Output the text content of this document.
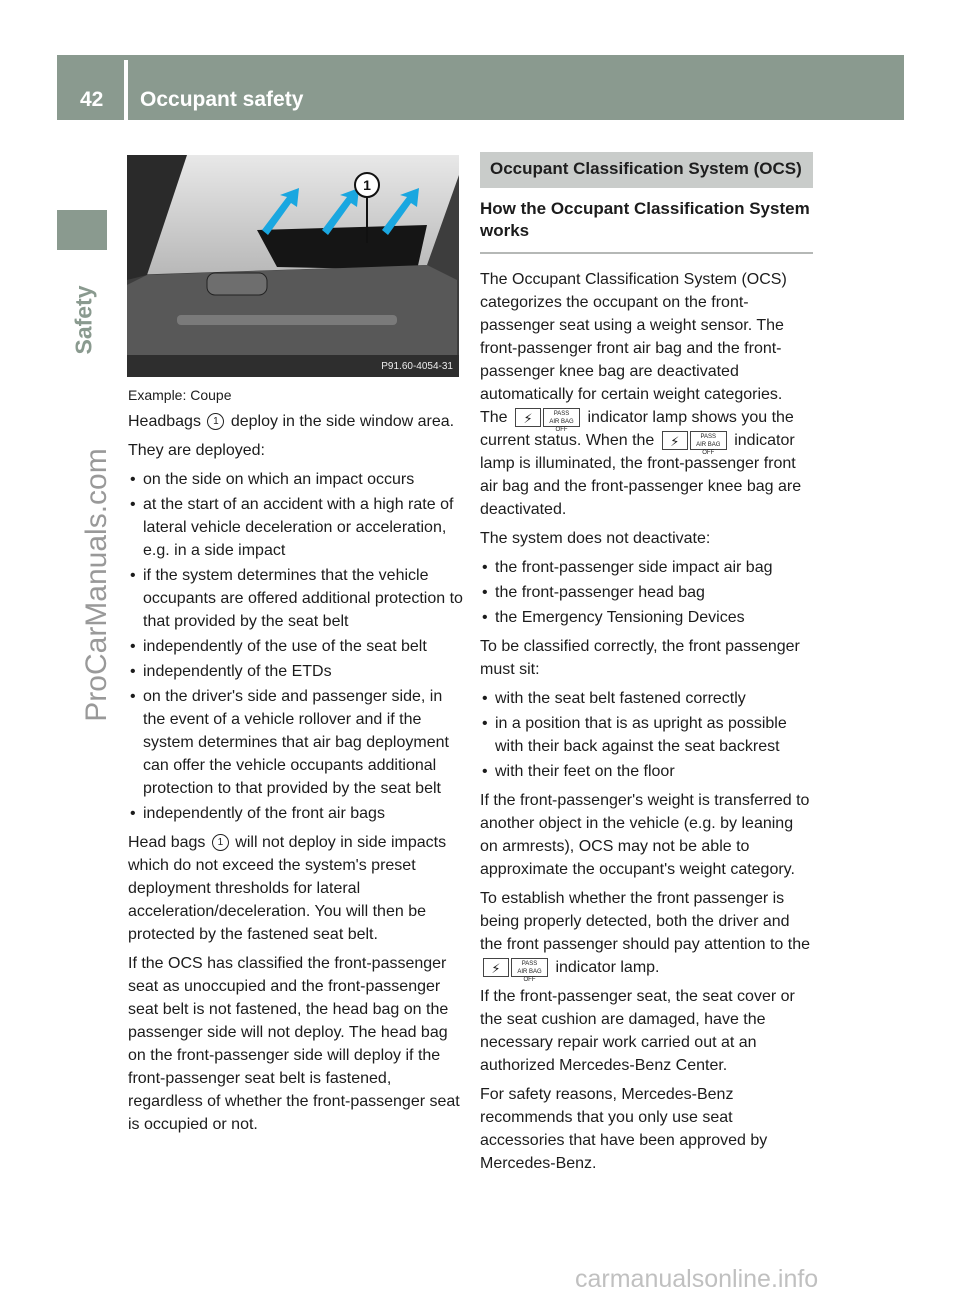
42 Occupant safety
Safety
ProCarManuals.com
1
P91.60-4054-31

Example: Coupe

Headbags 1 deploy in the side window area.

They are deployed:

• on the side on which an impact occurs
• at the start of an accident with a high rate of lateral vehicle deceleration or acceleration, e.g. in a side impact
• if the system determines that the vehicle occupants are offered additional protection to that provided by the seat belt
• independently of the use of the seat belt
• independently of the ETDs
• on the driver's side and passenger side, in the event of a vehicle rollover and if the system determines that air bag deployment can offer the vehicle occupants additional protection to that provided by the seat belt
• independently of the front air bags

Head bags 1 will not deploy in side impacts which do not exceed the system's preset deployment thresholds for lateral acceleration/deceleration. You will then be protected by the fastened seat belt.

If the OCS has classified the front-passenger seat as unoccupied and the front-passenger seat belt is not fastened, the head bag on the passenger side will not deploy. The head bag on the front-passenger side will deploy if the front-passenger seat belt is fastened, regardless of whether the front-passenger seat is occupied or not.

Occupant Classification System (OCS)
How the Occupant Classification System works

The Occupant Classification System (OCS) categorizes the occupant on the front-passenger seat using a weight sensor. The front-passenger front air bag and the front-passenger knee bag are deactivated automatically for certain weight categories. The	⚡	PASS
AIR BAG OFF
indicator lamp shows you the current status. When the	⚡	PASS
AIR BAG OFF
indicator lamp is illuminated, the front-passenger front air bag and the front-passenger knee bag are deactivated.

The system does not deactivate:

• the front-passenger side impact air bag
• the front-passenger head bag
• the Emergency Tensioning Devices

To be classified correctly, the front passenger must sit:

• with the seat belt fastened correctly
• in a position that is as upright as possible with their back against the seat backrest
• with their feet on the floor

If the front-passenger's weight is transferred to another object in the vehicle (e.g. by leaning on armrests), OCS may not be able to approximate the occupant's weight category.

To establish whether the front passenger is being properly detected, both the driver and the front passenger should pay attention to the
⚡	PASS
AIR BAG OFF
indicator lamp.

If the front-passenger seat, the seat cover or the seat cushion are damaged, have the necessary repair work carried out at an authorized Mercedes-Benz Center.

For safety reasons, Mercedes-Benz recommends that you only use seat accessories that have been approved by Mercedes-Benz.

carmanualsonline.info
